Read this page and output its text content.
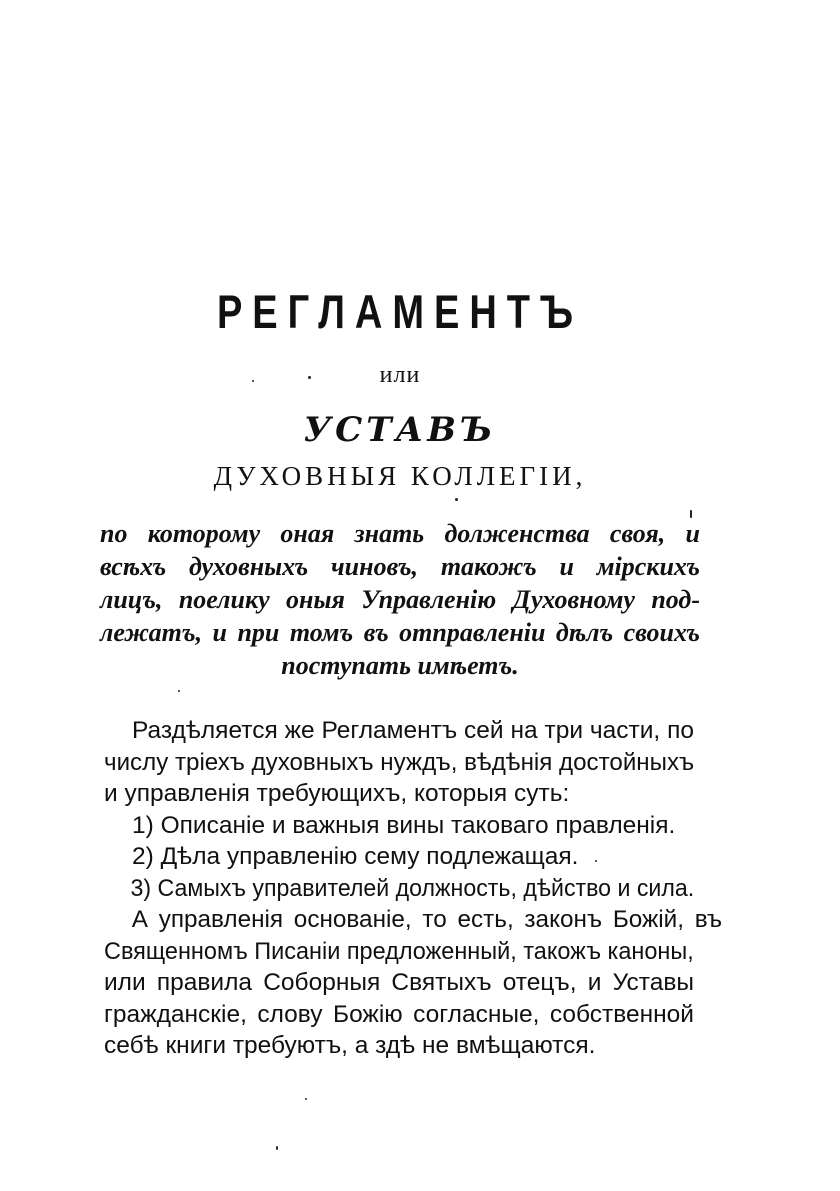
РЕГЛАМЕНТЪ
или
УСТАВЪ
ДУХОВНЫЯ КОЛЛЕГІИ,
по которому оная знать долженства своя, и
всѣхъ духовныхъ чиновъ, такожъ и мірскихъ
лицъ, поелику оныя Управленію Духовному под-
лежатъ, и при томъ въ отправленіи дѣлъ своихъ
поступать имѣетъ.
Раздѣляется же Регламентъ сей на три части, по
числу тріехъ духовныхъ нуждъ, вѣдѣнія достойныхъ
и управленія требующихъ, которыя суть:
1) Описаніе и важныя вины таковаго правленія.
2) Дѣла управленію сему подлежащая.
3) Самыхъ управителей должность, дѣйство и сила.
А управленія основаніе, то есть, законъ Божій, въ
Священномъ Писаніи предложенный, такожъ каноны,
или правила Соборныя Святыхъ отецъ, и Уставы
гражданскіе, слову Божію согласные, собственной
себѣ книги требуютъ, а здѣ не вмѣщаются.
